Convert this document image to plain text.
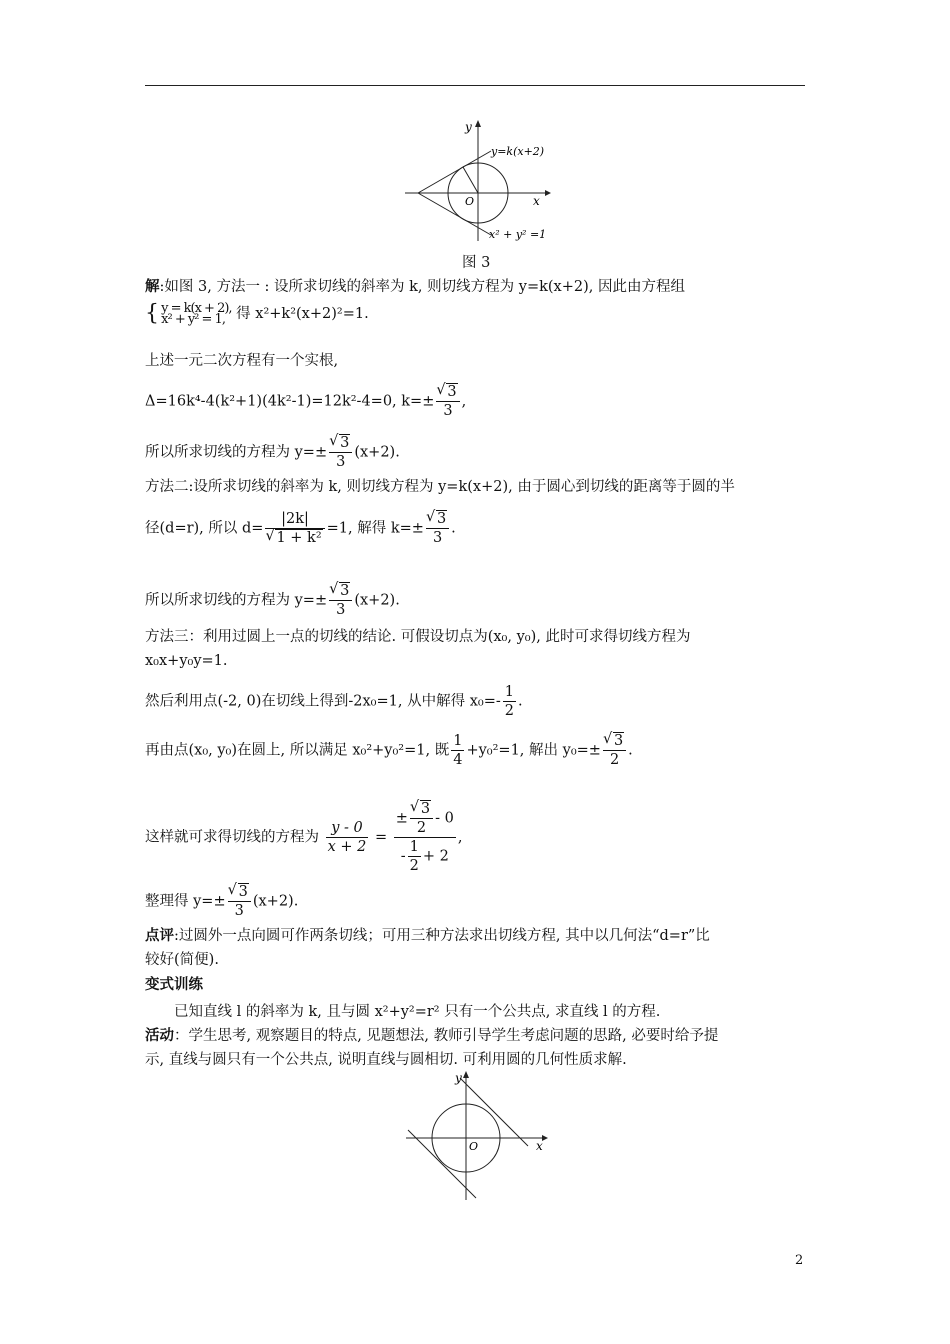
y
x
O
y=k(x+2)
x² + y² =1
图 3
解:如图 3, 方法一 : 设所求切线的斜率为 k, 则切线方程为 y=k(x+2), 因此由方程组
{ y = k(x + 2),
x² + y² = 1, 得 x²+k²(x+2)²=1.
上述一元二次方程有一个实根,
Δ=16k⁴-4(k²+1)(4k²-1)=12k²-4=0, k=±
√ $\frac{3}{3}$ ,
所以所求切线的方程为 y=±
√ $\frac{3}{3} (x+2)$.
方法二:设所求切线的斜率为 k, 则切线方程为 y=k(x+2), 由于圆心到切线的距离等于圆的半
径(d=r), 所以 d= |2k|
√ 1 + k² =1, 解得 k=±
√ $\frac{3}{3}$ .
所以所求切线的方程为 y=±
√ $\frac{3}{3} (x+2)$.
方法三：利用过圆上一点的切线的结论. 可假设切点为(x₀, y₀), 此时可求得切线方程为
x₀x+y₀y=1.
然后利用点(-2, 0)在切线上得到-2x₀=1, 从中解得 $x_0=- \frac{1}{2}$ .
再由点(x₀, y₀)在圆上, 所以满足 x₀²+y₀²=1, 既 $\frac{1}{4} +y_0^2=1$, 解出 y₀=±
√ $\frac{3}{2}$ .
这样就可求得切线的方程为 $\frac{y - 0}{x + 2}$ = ±
√ $\frac{3}{2} - 0$
- $\frac{1}{2} + 2$ ,
整理得 y=±
√ $\frac{3}{3} (x+2)$.
点评:过圆外一点向圆可作两条切线；可用三种方法求出切线方程, 其中以几何法“d=r”比
较好(简便).
变式训练
已知直线 l 的斜率为 k, 且与圆 x²+y²=r² 只有一个公共点, 求直线 l 的方程.
活动：学生思考, 观察题目的特点, 见题想法, 教师引导学生考虑问题的思路, 必要时给予提
示, 直线与圆只有一个公共点, 说明直线与圆相切. 可利用圆的几何性质求解.
y
x
O
2
